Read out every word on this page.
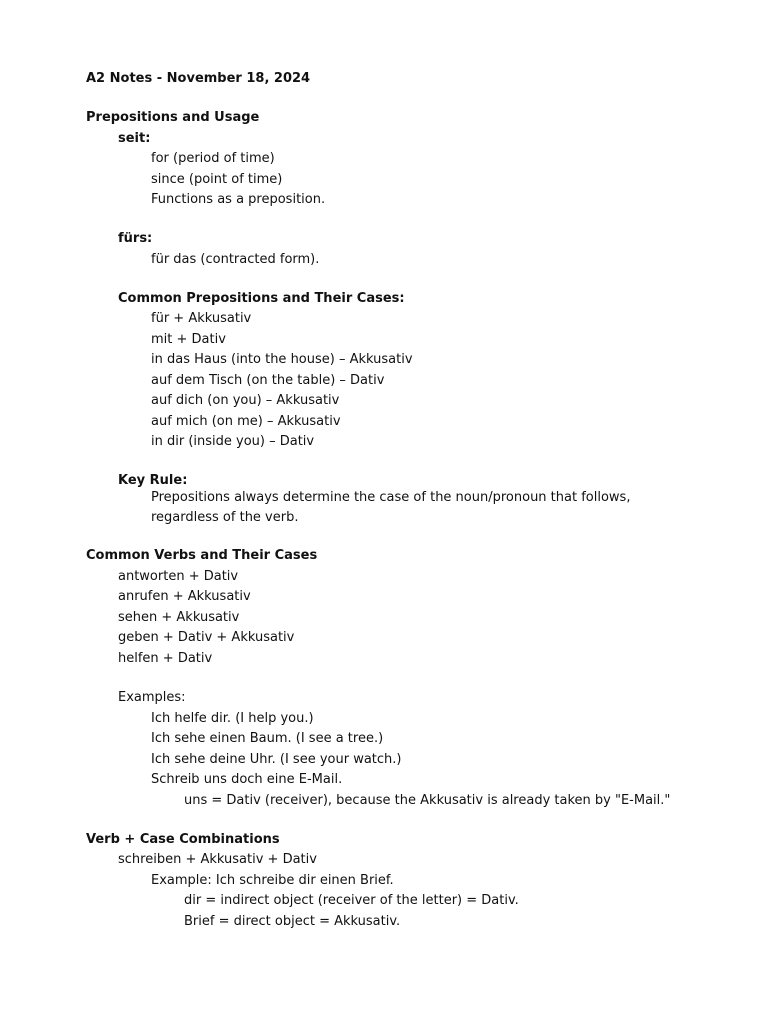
A2 Notes - November 18, 2024

Prepositions and Usage

seit:

for (period of time)

since (point of time)

Functions as a preposition.

fürs:

für das (contracted form).

Common Prepositions and Their Cases:

für + Akkusativ

mit + Dativ

in das Haus (into the house) – Akkusativ

auf dem Tisch (on the table) – Dativ

auf dich (on you) – Akkusativ

auf mich (on me) – Akkusativ

in dir (inside you) – Dativ

Key Rule:

Prepositions always determine the case of the noun/pronoun that follows,

regardless of the verb.

Common Verbs and Their Cases

antworten + Dativ

anrufen + Akkusativ

sehen + Akkusativ

geben + Dativ + Akkusativ

helfen + Dativ

Examples:

Ich helfe dir. (I help you.)

Ich sehe einen Baum. (I see a tree.)

Ich sehe deine Uhr. (I see your watch.)

Schreib uns doch eine E-Mail.

uns = Dativ (receiver), because the Akkusativ is already taken by "E-Mail."

Verb + Case Combinations

schreiben + Akkusativ + Dativ

Example: Ich schreibe dir einen Brief.

dir = indirect object (receiver of the letter) = Dativ.

Brief = direct object = Akkusativ.
